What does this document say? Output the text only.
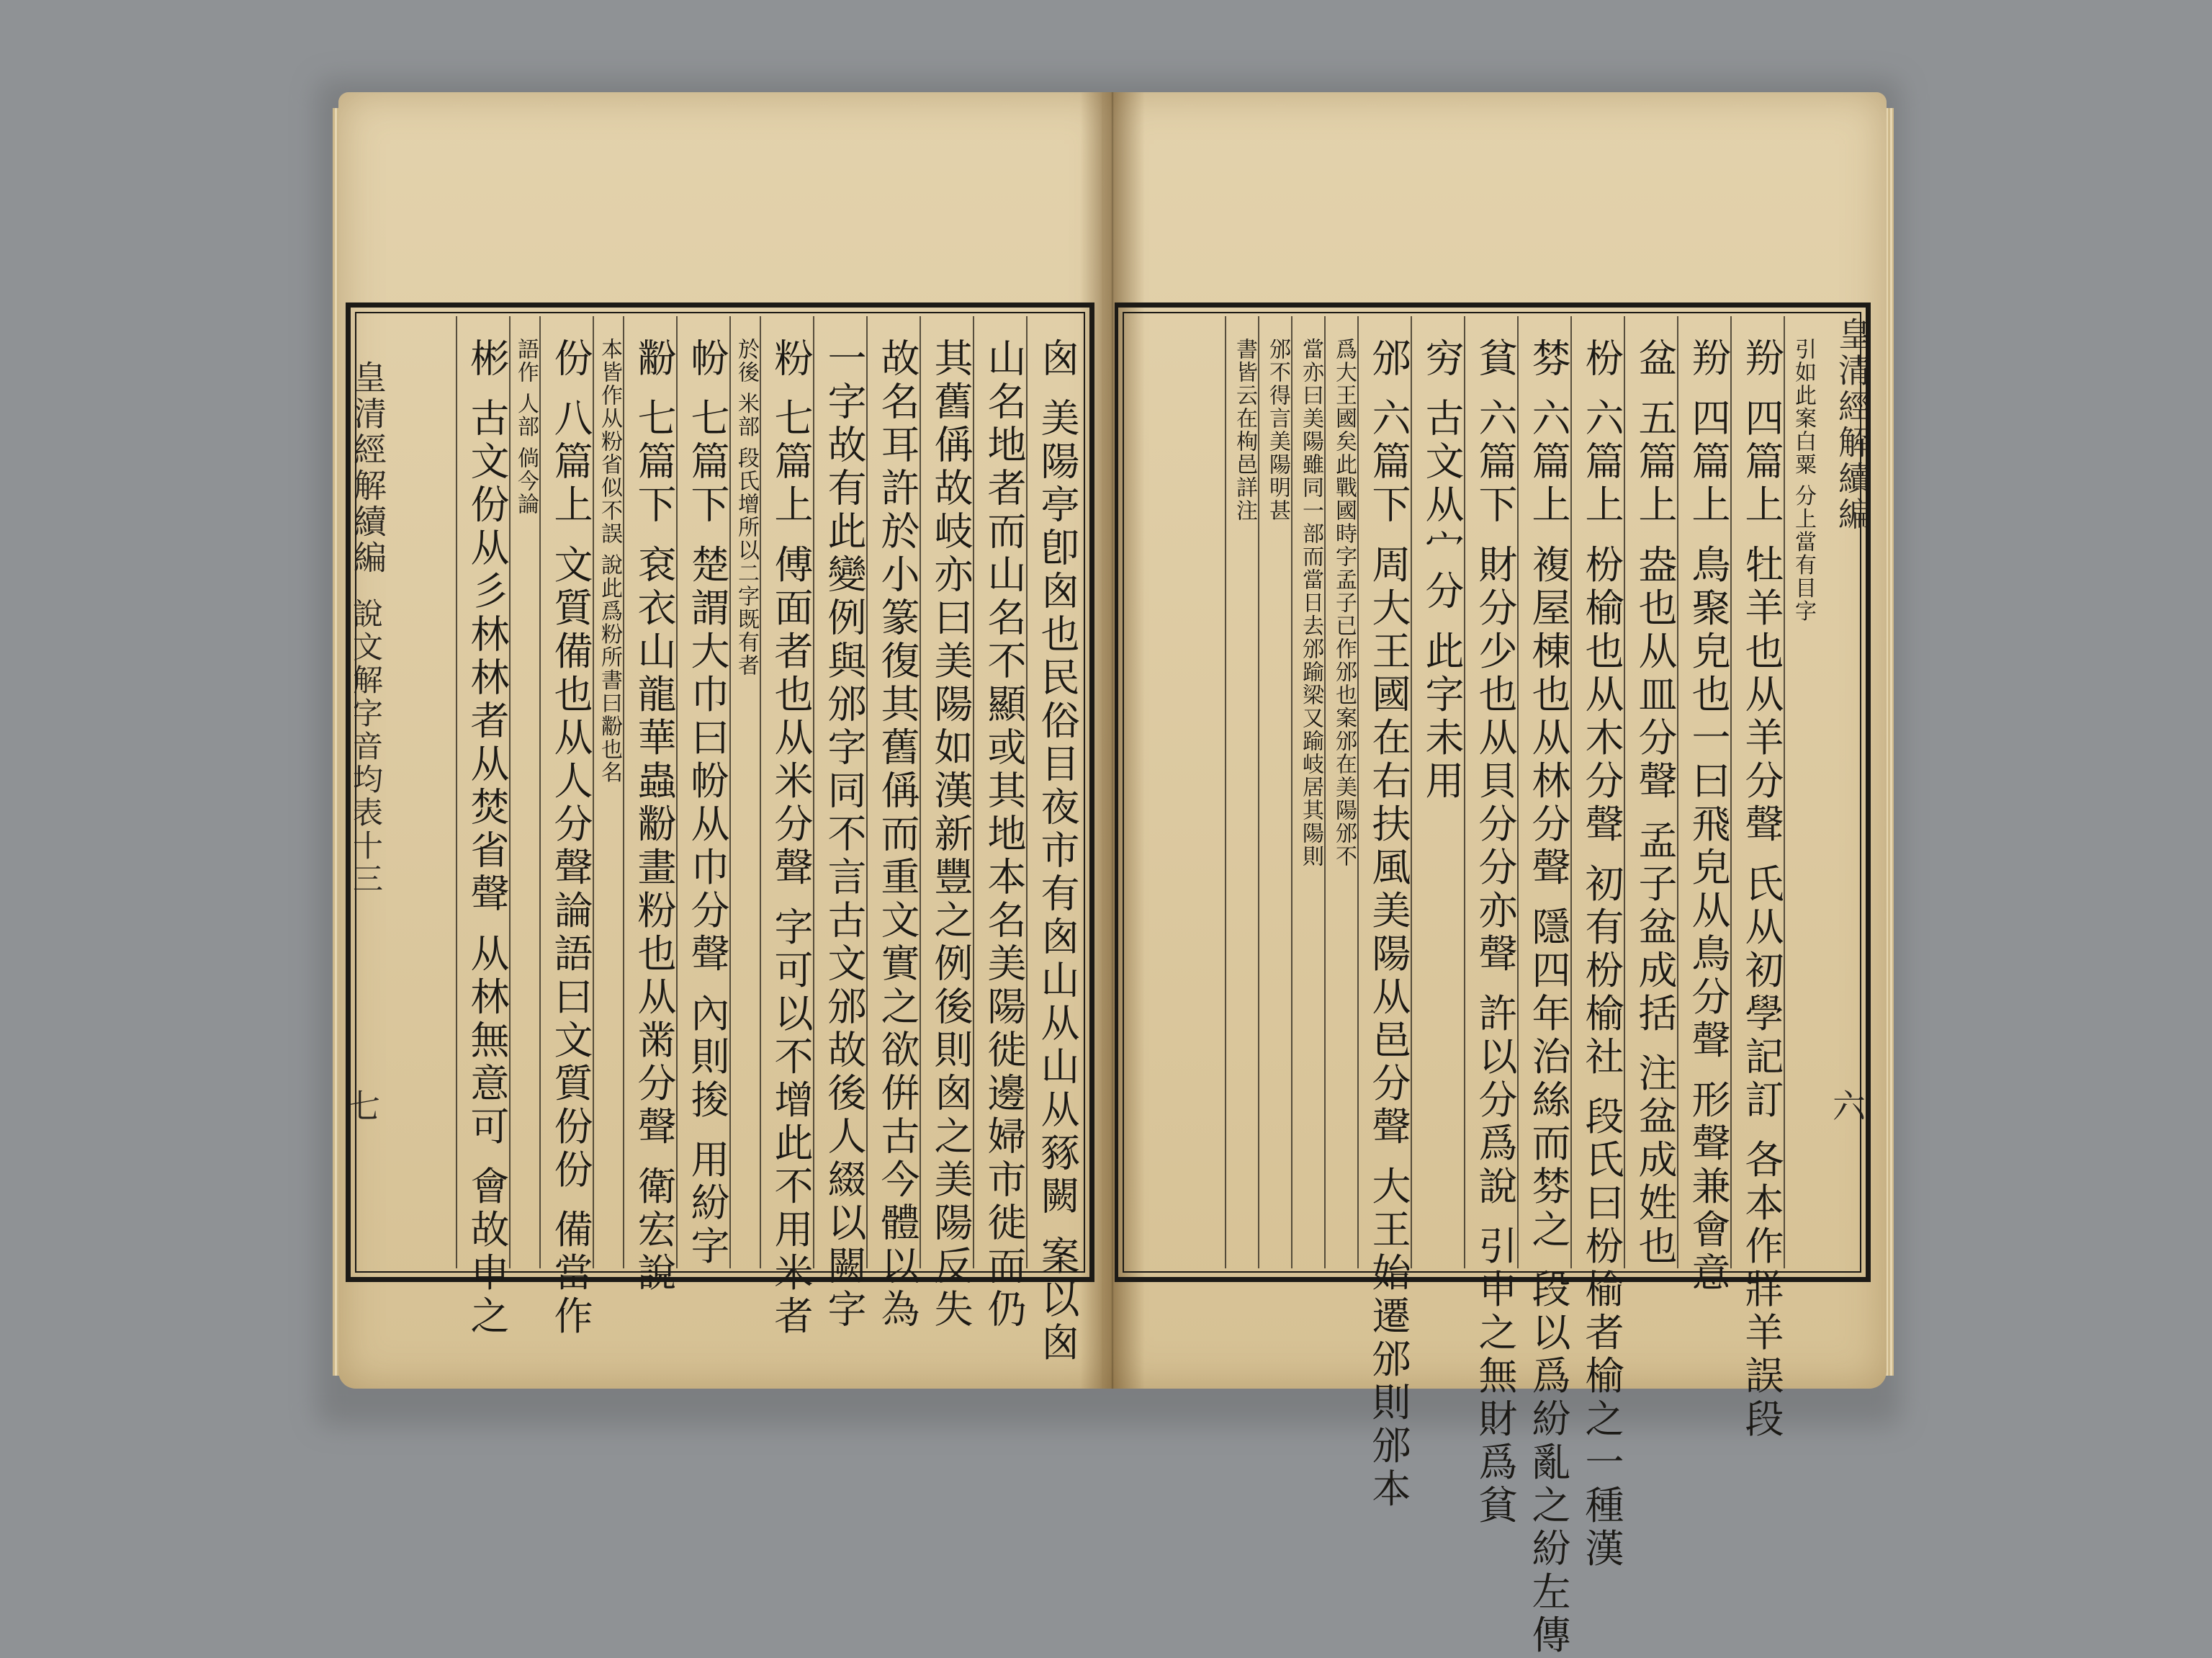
皇清經解續編
說文解字音均表十三
七
皇清經解續編
六
囪 美陽亭卽囪也民俗目夜市有囪山从山从豩闕 案以囪
山名地者而山名不顯或其地本名美陽徙邊婦市徙而仍
其舊偁故岐亦曰美陽如漢新豐之例後則囪之美陽反失
故名耳許於小篆復其舊偁而重文實之欲倂古今體以為
一字故有此變例與邠字同不言古文邠故後人綴以闕字
粉 七篇上 傅面者也从米分聲 字可以不增此不用米者
於後 米部 段氏增所以二字既有者
帉 七篇下 楚謂大巾曰帉从巾分聲 內則捘 用紛字
黺 七篇下 袞衣山龍華蟲黺畫粉也从黹分聲 衛宏說
本皆作从粉省似不誤 說此爲粉所書曰黺也名
份 八篇上 文質備也从人分聲論語曰文質份份 備當作
語作 人部 倘今論
彬 古文份从彡林林者从焚省聲 从林無意可 會故申之	引如此案白粟 分上當有目字
羒 四篇上 牡羊也从羊分聲 氏从初學記訂 各本作牂羊誤段
羒 四篇上 鳥聚皃也一曰飛皃从鳥分聲 形聲兼會意
盆 五篇上 盎也从皿分聲 孟子盆成括 注盆成姓也
枌 六篇上 枌榆也从木分聲 初有枌榆社 段氏曰枌榆者榆之一種漢
棼 六篇上 複屋棟也从林分聲 隱四年治絲而棼之 段以爲紛亂之紛左傳
貧 六篇下 財分少也从貝分分亦聲 許以分爲說 引申之無財爲貧
穷 古文从宀分 此字未用
邠 六篇下 周大王國在右扶風美陽从邑分聲 大王始遷邠則邠本
爲大王國矣此戰國時字孟子已作邠也案邠在美陽邠不
當亦曰美陽雖同一部而當日去邠踰梁又踰岐居其陽則
邠不得言美陽明甚
書皆云在栒邑詳注
